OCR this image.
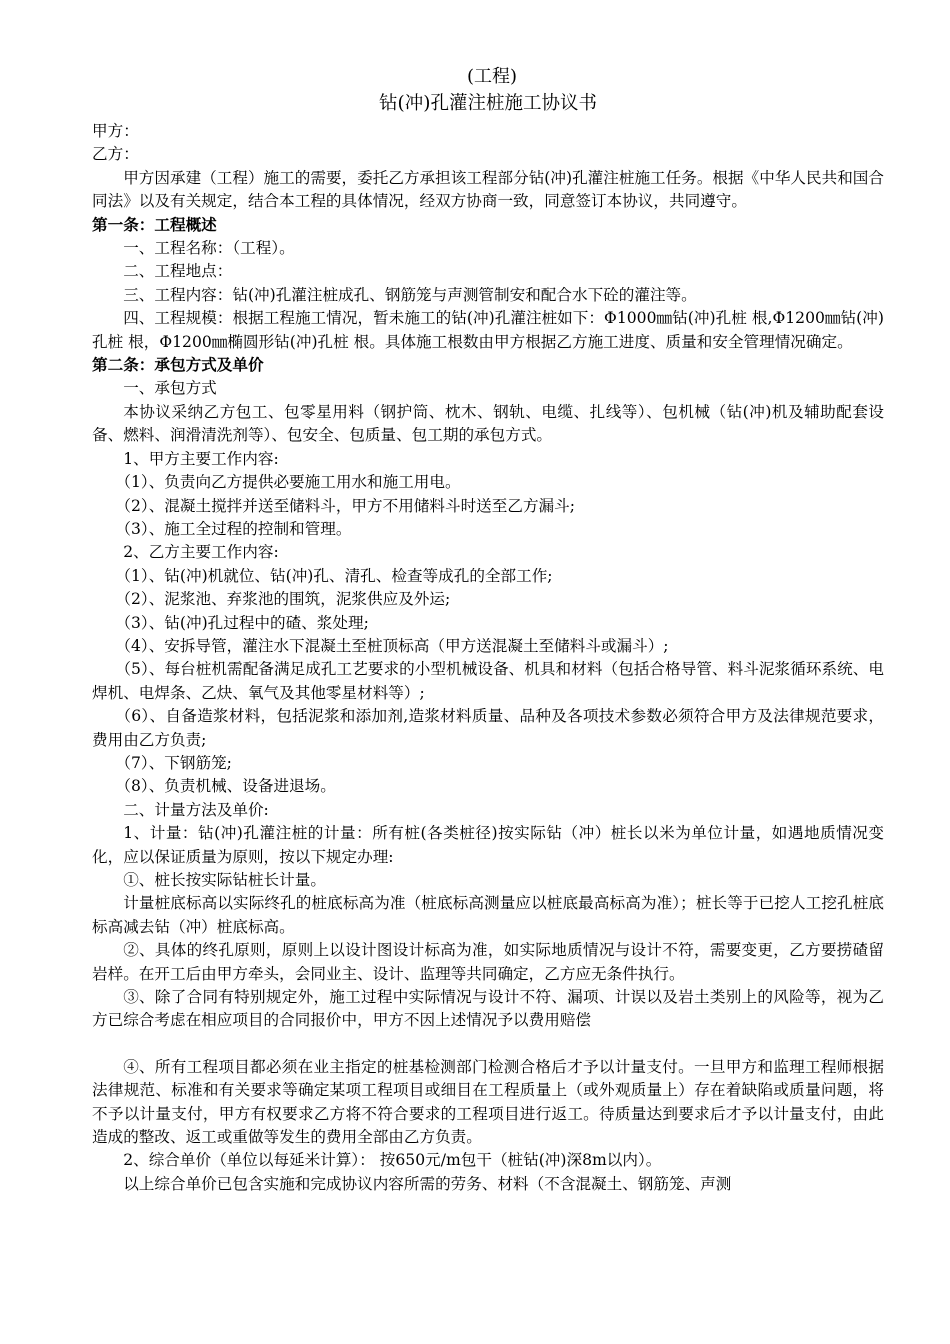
(工程)
钻(冲)孔灌注桩施工协议书

甲方：

乙方：

甲方因承建（工程）施工的需要，委托乙方承担该工程部分钻(冲)孔灌注桩施工任务。根据《中华人民共和国合同法》以及有关规定，结合本工程的具体情况，经双方协商一致，同意签订本协议，共同遵守。

第一条：工程概述

一、工程名称：（工程）。

二、工程地点：

三、工程内容：钻(冲)孔灌注桩成孔、钢筋笼与声测管制安和配合水下砼的灌注等。

四、工程规模：根据工程施工情况，暂未施工的钻(冲)孔灌注桩如下：Φ1000㎜钻(冲)孔桩 根,Φ1200㎜钻(冲)孔桩 根，Φ1200㎜椭圆形钻(冲)孔桩 根。具体施工根数由甲方根据乙方施工进度、质量和安全管理情况确定。

第二条：承包方式及单价

一、承包方式

本协议采纳乙方包工、包零星用料（钢护筒、枕木、钢轨、电缆、扎线等）、包机械（钻(冲)机及辅助配套设备、燃料、润滑清洗剂等）、包安全、包质量、包工期的承包方式。

1、甲方主要工作内容:

（1）、负责向乙方提供必要施工用水和施工用电。

（2）、混凝土搅拌并送至储料斗，甲方不用储料斗时送至乙方漏斗;

（3）、施工全过程的控制和管理。

2、乙方主要工作内容:

（1）、钻(冲)机就位、钻(冲)孔、清孔、检查等成孔的全部工作;

（2）、泥浆池、弃浆池的围筑，泥浆供应及外运;

（3）、钻(冲)孔过程中的碴、浆处理;

（4）、安拆导管，灌注水下混凝土至桩顶标高（甲方送混凝土至储料斗或漏斗）;

（5）、每台桩机需配备满足成孔工艺要求的小型机械设备、机具和材料（包括合格导管、料斗泥浆循环系统、电焊机、电焊条、乙炔、氧气及其他零星材料等）;

（6）、自备造浆材料，包括泥浆和添加剂,造浆材料质量、品种及各项技术参数必须符合甲方及法律规范要求，费用由乙方负责;

（7）、下钢筋笼;

（8）、负责机械、设备进退场。

二、计量方法及单价:

1、计量：钻(冲)孔灌注桩的计量：所有桩(各类桩径)按实际钻（冲）桩长以米为单位计量，如遇地质情况变化，应以保证质量为原则，按以下规定办理:

①、桩长按实际钻桩长计量。

计量桩底标高以实际终孔的桩底标高为准（桩底标高测量应以桩底最高标高为准）；桩长等于已挖人工挖孔桩底标高减去钻（冲）桩底标高。

②、具体的终孔原则，原则上以设计图设计标高为准，如实际地质情况与设计不符，需要变更，乙方要捞碴留岩样。在开工后由甲方牵头，会同业主、设计、监理等共同确定，乙方应无条件执行。

③、除了合同有特别规定外，施工过程中实际情况与设计不符、漏项、计误以及岩土类别上的风险等，视为乙方已综合考虑在相应项目的合同报价中，甲方不因上述情况予以费用赔偿

④、所有工程项目都必须在业主指定的桩基检测部门检测合格后才予以计量支付。一旦甲方和监理工程师根据法律规范、标准和有关要求等确定某项工程项目或细目在工程质量上（或外观质量上）存在着缺陷或质量问题，将不予以计量支付，甲方有权要求乙方将不符合要求的工程项目进行返工。待质量达到要求后才予以计量支付，由此造成的整改、返工或重做等发生的费用全部由乙方负责。

2、综合单价（单位以每延米计算）： 按650元/m包干（桩钻(冲)深8m以内）。

以上综合单价已包含实施和完成协议内容所需的劳务、材料（不含混凝土、钢筋笼、声测
